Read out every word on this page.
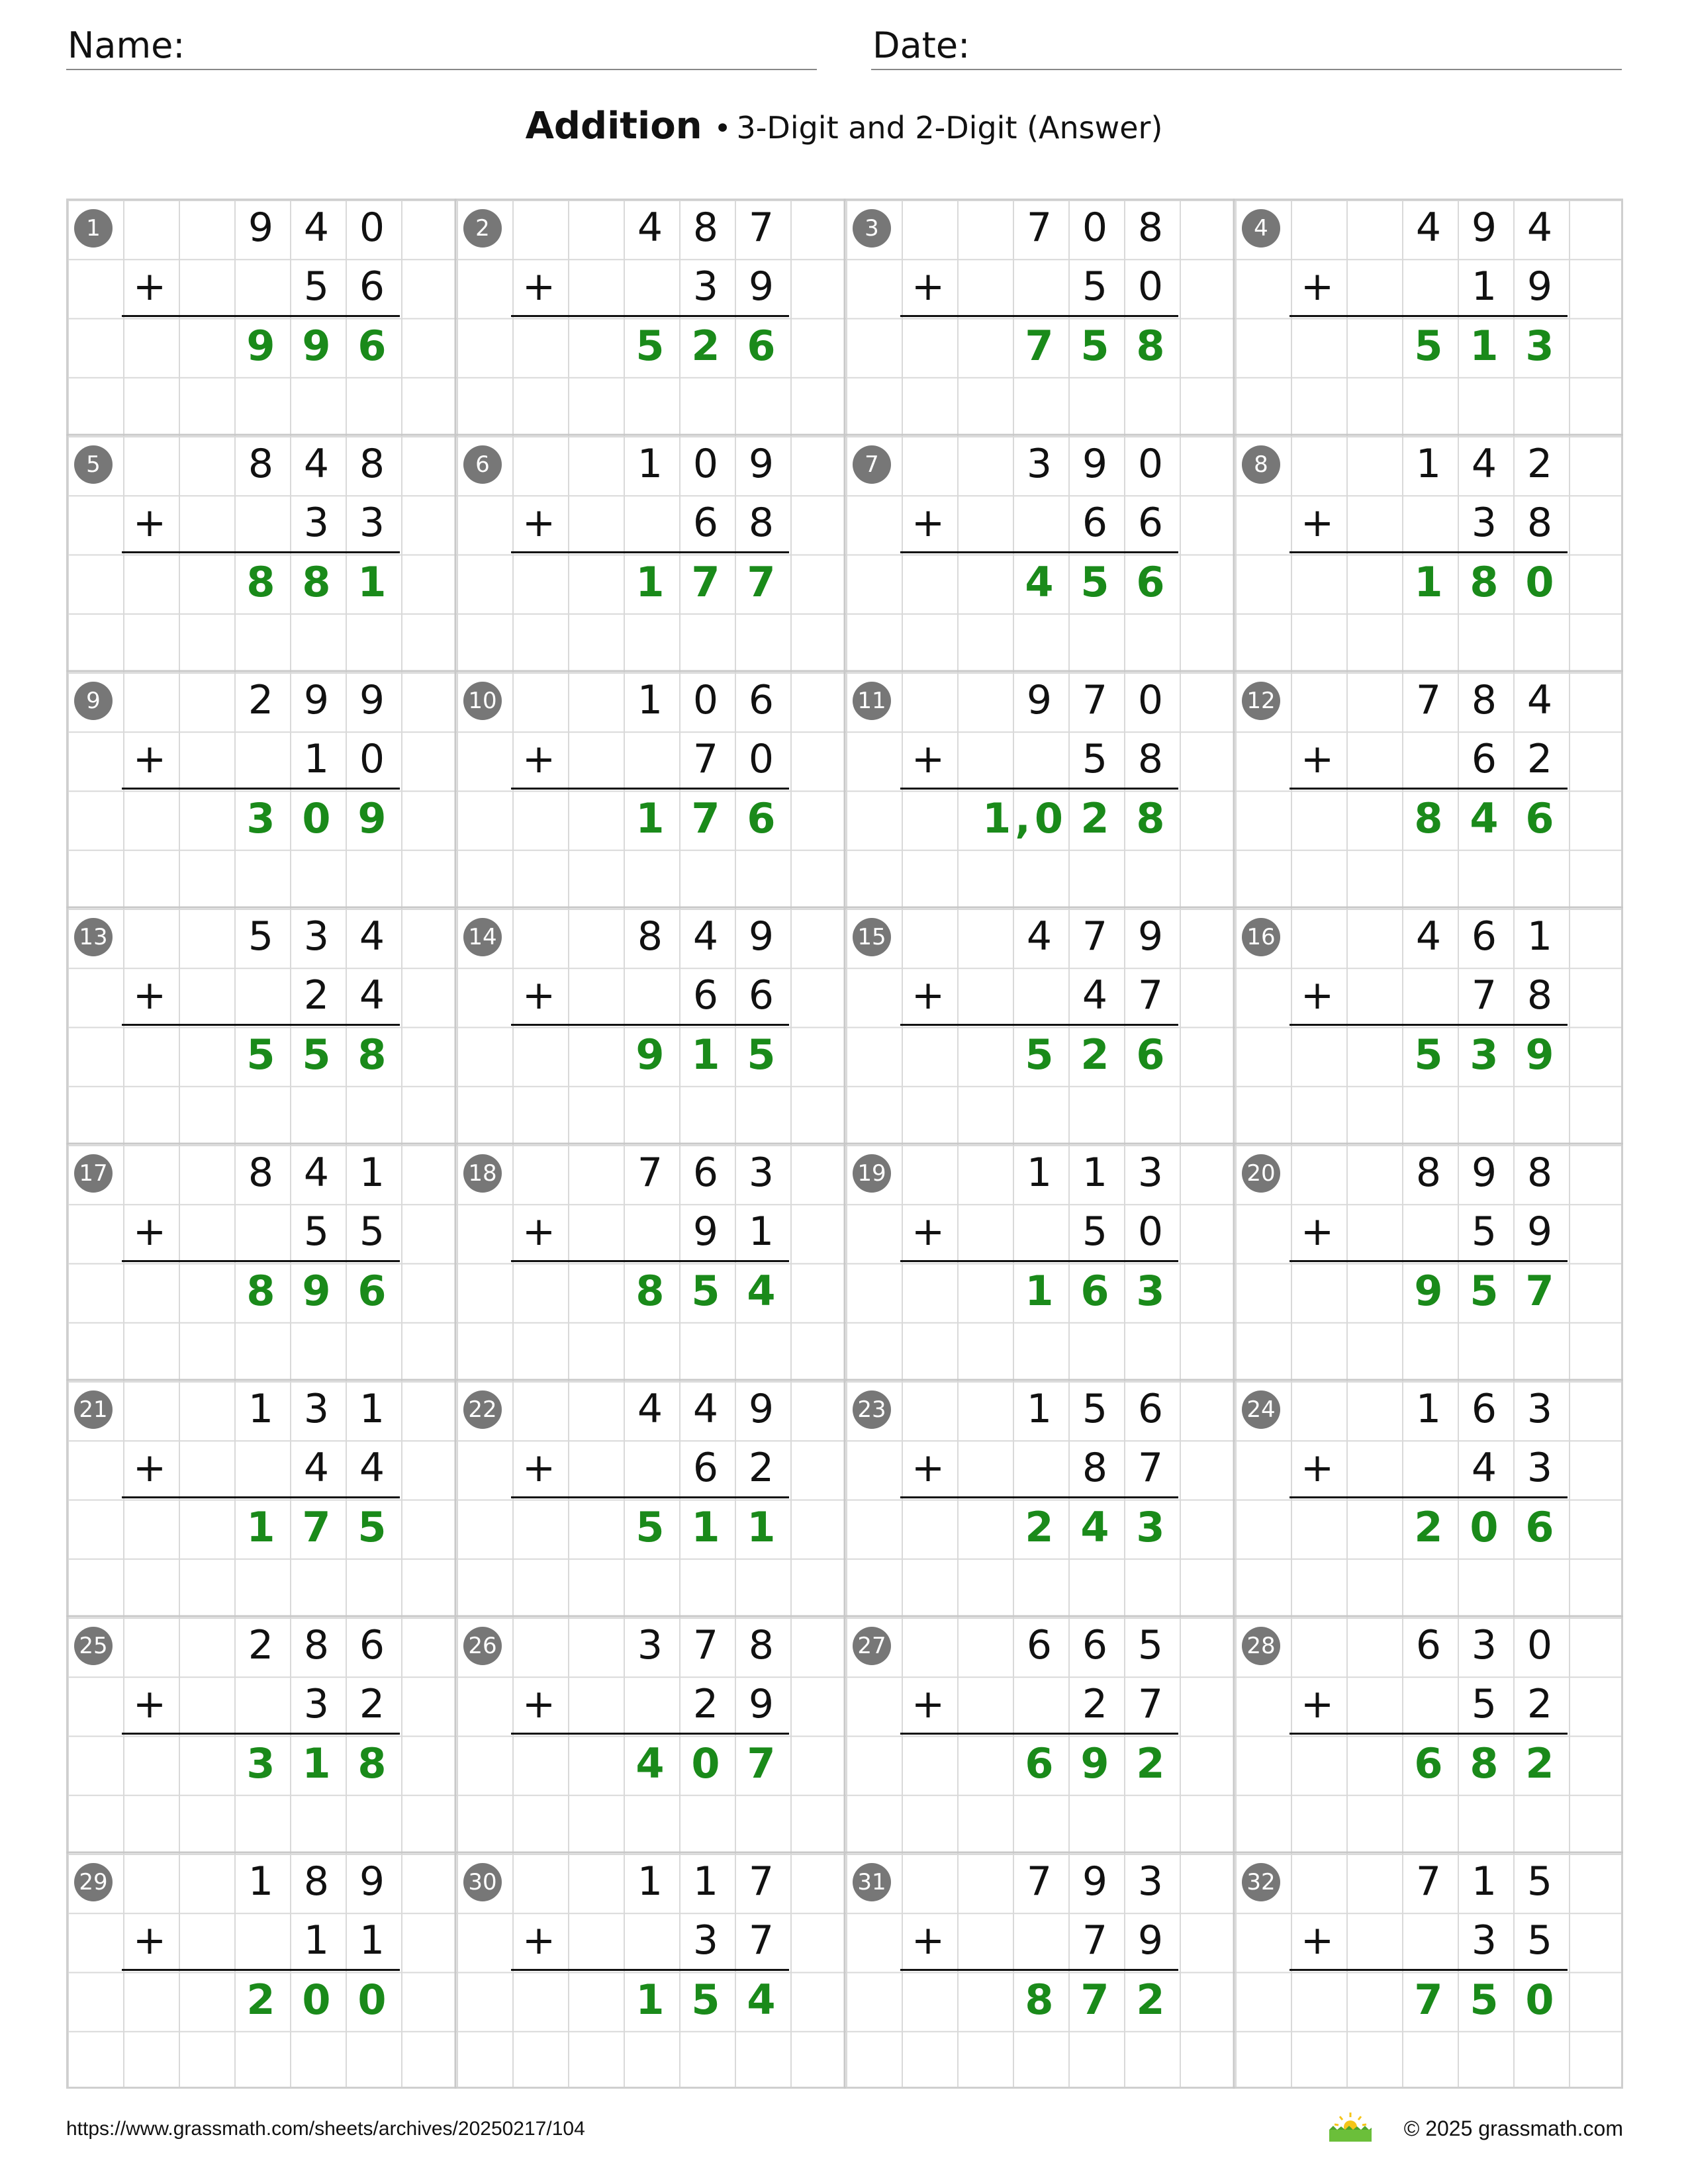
Name:	Date:
Addition • 3-Digit and 2-Digit (Answer)
1	9 4 0
+	5 6
9 9 6
2	4 8 7
+	3 9
5 2 6
3	7 0 8
+	5 0
7 5 8
4	4 9 4
+	1 9
5 1 3
5	8 4 8
+	3 3
8 8 1
6	1 0 9
+	6 8
1 7 7
7	3 9 0
+	6 6
4 5 6
8	1 4 2
+	3 8
1 8 0
9	2 9 9
+	1 0
3 0 9
10	1 0 6
+	7 0
1 7 6
11	9 7 0
+	5 8
1,0 2 8
12	7 8 4
+	6 2
8 4 6
13	5 3 4
+	2 4
5 5 8
14	8 4 9
+	6 6
9 1 5
15	4 7 9
+	4 7
5 2 6
16	4 6 1
+	7 8
5 3 9
17	8 4 1
+	5 5
8 9 6
18	7 6 3
+	9 1
8 5 4
19	1 1 3
+	5 0
1 6 3
20	8 9 8
+	5 9
9 5 7
21	1 3 1
+	4 4
1 7 5
22	4 4 9
+	6 2
5 1 1
23	1 5 6
+	8 7
2 4 3
24	1 6 3
+	4 3
2 0 6
25	2 8 6
+	3 2
3 1 8
26	3 7 8
+	2 9
4 0 7
27	6 6 5
+	2 7
6 9 2
28	6 3 0
+	5 2
6 8 2
29	1 8 9
+	1 1
2 0 0
30	1 1 7
+	3 7
1 5 4
31	7 9 3
+	7 9
8 7 2
32	7 1 5
+	3 5
7 5 0
https://www.grassmath.com/sheets/archives/20250217/104	© 2025 grassmath.com
